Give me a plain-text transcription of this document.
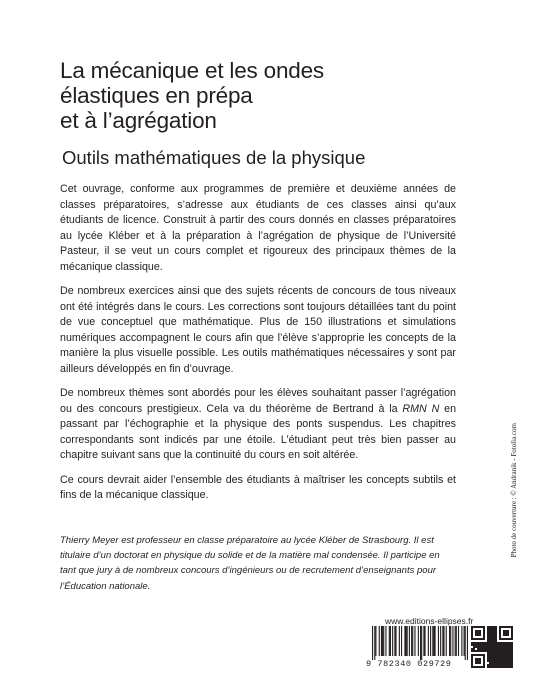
La mécanique et les ondes
élastiques en prépa
et à l’agrégation
Outils mathématiques de la physique

Cet ouvrage, conforme aux programmes de première et deuxième années de classes préparatoires, s’adresse aux étudiants de ces classes ainsi qu’aux étudiants de licence. Construit à partir des cours donnés en classes préparatoires au lycée Kléber et à la préparation à l’agrégation de physique de l’Université Pasteur, il se veut un cours complet et rigoureux des principaux thèmes de la mécanique classique.

De nombreux exercices ainsi que des sujets récents de concours de tous niveaux ont été intégrés dans le cours. Les corrections sont toujours détaillées tant du point de vue conceptuel que mathématique. Plus de 150 illustrations et simulations numériques accompagnent le cours afin que l’élève s’approprie les concepts de la manière la plus visuelle possible. Les outils mathématiques nécessaires y sont par ailleurs développés en fin d’ouvrage.

De nombreux thèmes sont abordés pour les élèves souhaitant passer l’agrégation ou des concours prestigieux. Cela va du théorème de Bertrand à la RMN N en passant par l’échographie et la physique des ponts suspendus. Les chapitres correspondants sont indicés par une étoile. L’étudiant peut très bien passer au chapitre suivant sans que la continuité du cours en soit altérée.

Ce cours devrait aider l’ensemble des étudiants à maîtriser les concepts subtils et fins de la mécanique classique.

Thierry Meyer est professeur en classe préparatoire au lycée Kléber de Strasbourg. Il est titulaire d’un doctorat en physique du solide et de la matière mal condensée. Il participe en tant que jury à de nombreux concours d’ingénieurs ou de recrutement d’enseignants pour l’Éducation nationale.
Photo de couverture : © Andranik - Fotolia.com
www.editions-ellipses.fr
9 782340 029729
